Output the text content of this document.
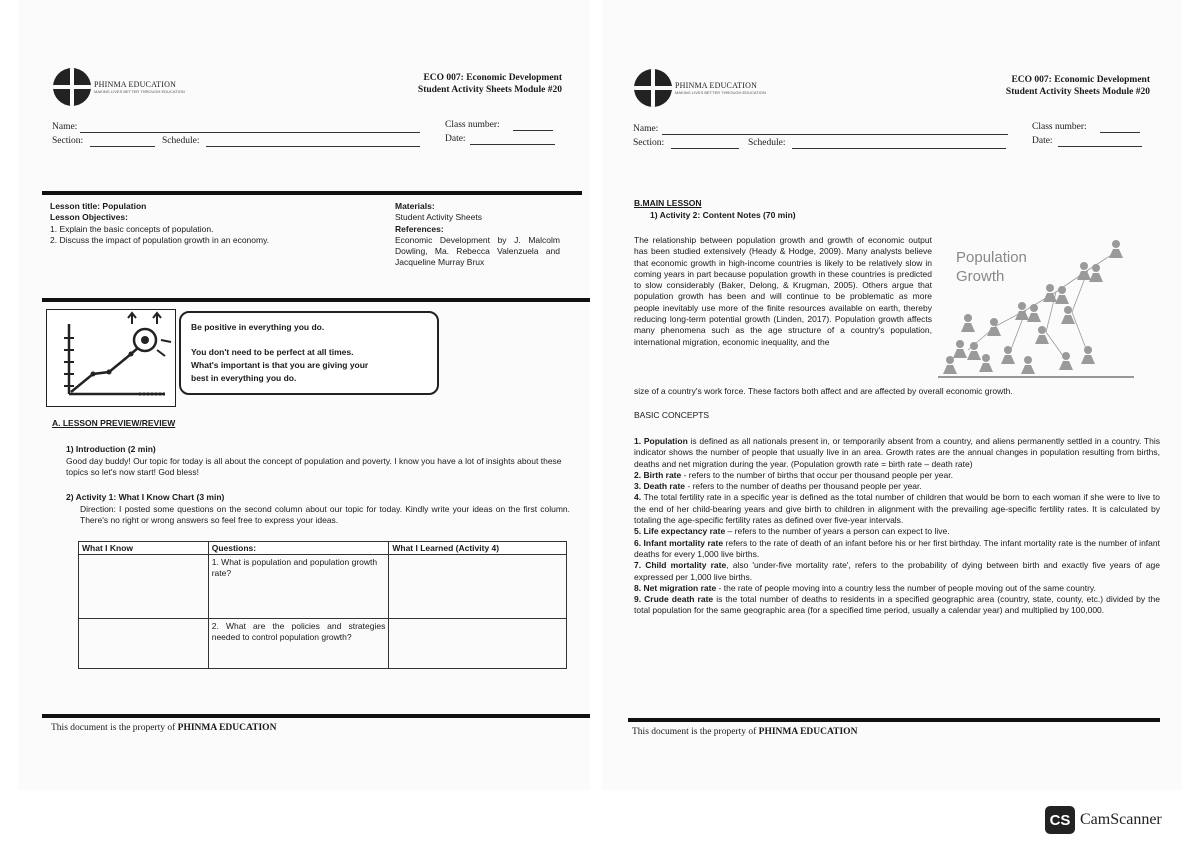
PHINMA EDUCATION
MAKING LIVES BETTER THROUGH EDUCATION
ECO 007: Economic Development
Student Activity Sheets Module #20
Name:
Section:	Schedule:
Class number:
Date:
Lesson title: Population
Lesson Objectives:
1. Explain the basic concepts of population.
2. Discuss the impact of population growth in an economy.
Materials:
Student Activity Sheets
References:
Economic Development by J. Malcolm Dowling, Ma. Rebecca Valenzuela and Jacqueline Murray Brux
Be positive in everything you do.
You don't need to be perfect at all times.
What's important is that you are giving your
best in everything you do.
A. LESSON PREVIEW/REVIEW
1) Introduction (2 min)
Good day buddy! Our topic for today is all about the concept of population and poverty. I know you have a lot of insights about these topics so let's now start! God bless!
2) Activity 1: What I Know Chart (3 min)
Direction: I posted some questions on the second column about our topic for today. Kindly write your ideas on the first column. There's no right or wrong answers so feel free to express your ideas.
What I Know	Questions:	What I Learned (Activity 4)
	1. What is population and population growth rate?	
	2. What are the policies and strategies needed to control population growth?	
This document is the property of PHINMA EDUCATION
PHINMA EDUCATION
MAKING LIVES BETTER THROUGH EDUCATION
ECO 007: Economic Development
Student Activity Sheets Module #20
Name:
Section:	Schedule:
Class number:
Date:
B.MAIN LESSON
1) Activity 2: Content Notes (70 min)
The relationship between population growth and growth of economic output has been studied extensively (Heady & Hodge, 2009). Many analysts believe that economic growth in high-income countries is likely to be relatively slow in coming years in part because population growth in these countries is predicted to slow considerably (Baker, Delong, & Krugman, 2005). Others argue that population growth has been and will continue to be problematic as more people inevitably use more of the finite resources available on earth, thereby reducing long-term potential growth (Linden, 2017). Population growth affects many phenomena such as the age structure of a country's population, international migration, economic inequality, and the
size of a country's work force. These factors both affect and are affected by overall economic growth.
Population
Growth
BASIC CONCEPTS
1. Population is defined as all nationals present in, or temporarily absent from a country, and aliens permanently settled in a country. This indicator shows the number of people that usually live in an area. Growth rates are the annual changes in population resulting from births, deaths and net migration during the year. (Population growth rate = birth rate – death rate)
2. Birth rate - refers to the number of births that occur per thousand people per year.
3. Death rate - refers to the number of deaths per thousand people per year.
4. The total fertility rate in a specific year is defined as the total number of children that would be born to each woman if she were to live to the end of her child-bearing years and give birth to children in alignment with the prevailing age-specific fertility rates. It is calculated by totaling the age-specific fertility rates as defined over five-year intervals.
5. Life expectancy rate – refers to the number of years a person can expect to live.
6. Infant mortality rate refers to the rate of death of an infant before his or her first birthday. The infant mortality rate is the number of infant deaths for every 1,000 live births.
7. Child mortality rate, also 'under-five mortality rate', refers to the probability of dying between birth and exactly five years of age expressed per 1,000 live births.
8. Net migration rate - the rate of people moving into a country less the number of people moving out of the same country.
9. Crude death rate is the total number of deaths to residents in a specified geographic area (country, state, county, etc.) divided by the total population for the same geographic area (for a specified time period, usually a calendar year) and multiplied by 100,000.
This document is the property of PHINMA EDUCATION
CS CamScanner
